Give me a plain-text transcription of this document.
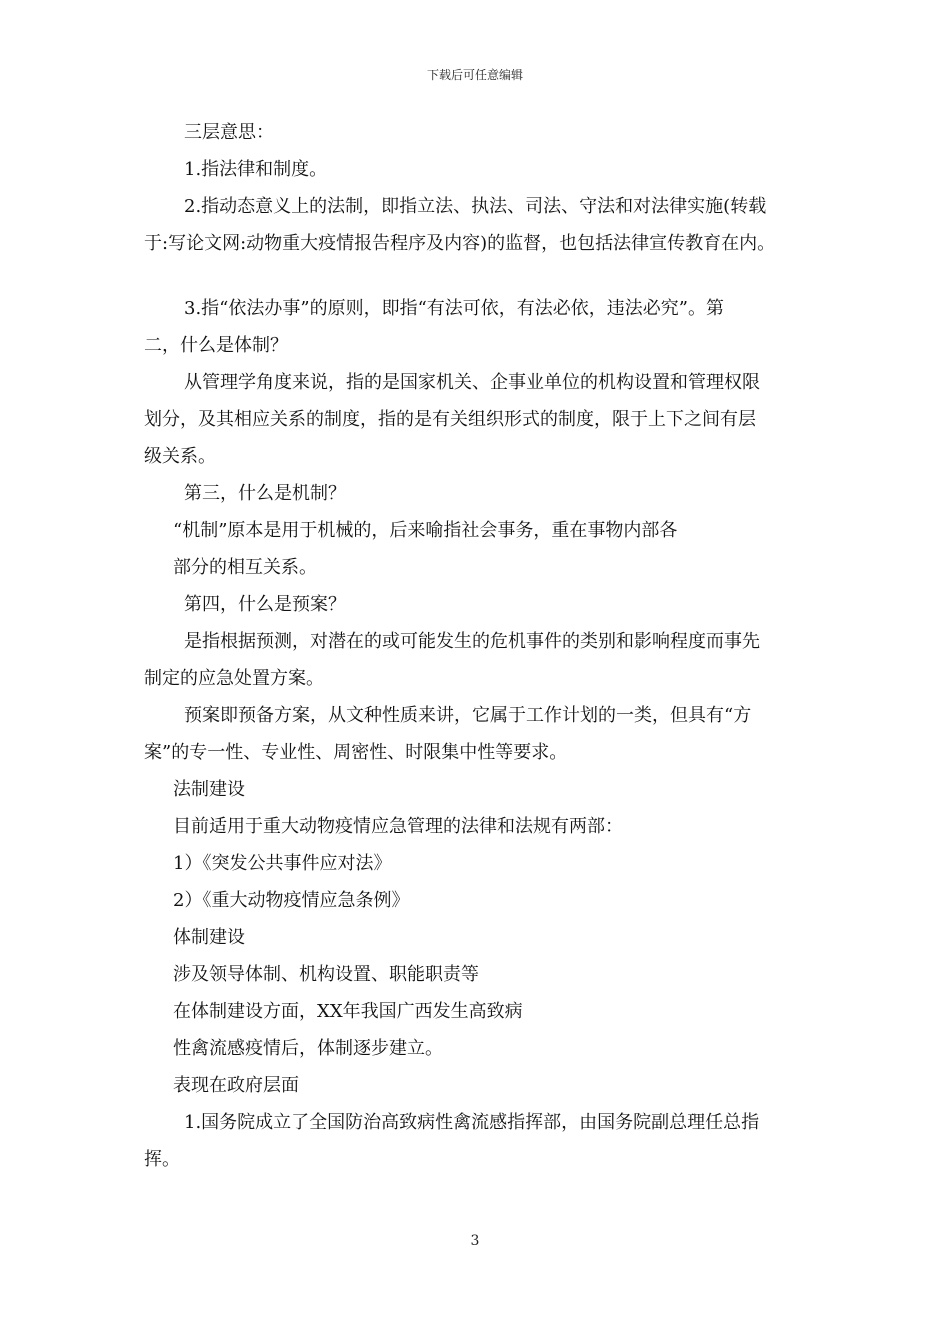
下载后可任意编辑

三层意思：

1.指法律和制度。

2.指动态意义上的法制，即指立法、执法、司法、守法和对法律实施(转载

于:写论文网:动物重大疫情报告程序及内容)的监督，也包括法律宣传教育在内。

3.指“依法办事”的原则，即指“有法可依，有法必依，违法必究”。第

二，什么是体制？

从管理学角度来说，指的是国家机关、企事业单位的机构设置和管理权限

划分，及其相应关系的制度，指的是有关组织形式的制度，限于上下之间有层

级关系。

第三，什么是机制？

“机制”原本是用于机械的，后来喻指社会事务，重在事物内部各

部分的相互关系。

第四，什么是预案？

是指根据预测，对潜在的或可能发生的危机事件的类别和影响程度而事先

制定的应急处置方案。

预案即预备方案，从文种性质来讲，它属于工作计划的一类，但具有“方

案”的专一性、专业性、周密性、时限集中性等要求。

法制建设

目前适用于重大动物疫情应急管理的法律和法规有两部：

1）《突发公共事件应对法》

2）《重大动物疫情应急条例》

体制建设

涉及领导体制、机构设置、职能职责等

在体制建设方面，XX年我国广西发生高致病

性禽流感疫情后，体制逐步建立。

表现在政府层面

1.国务院成立了全国防治高致病性禽流感指挥部，由国务院副总理任总指

挥。

3
